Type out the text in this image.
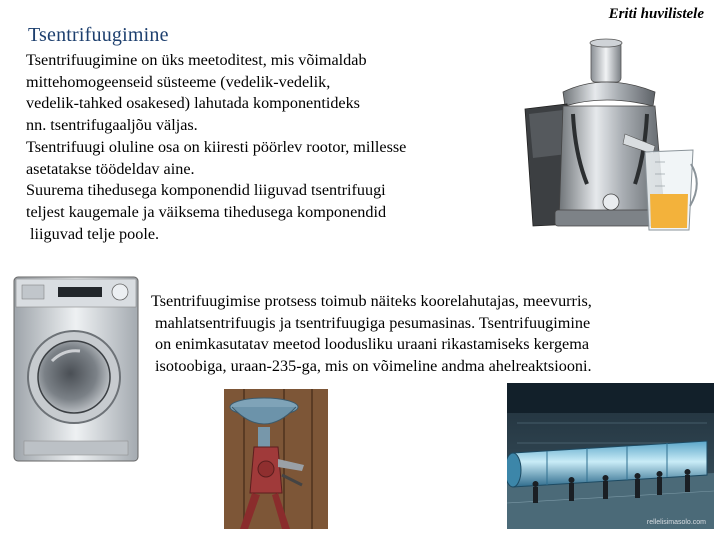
Tsentrifuugimine
Eriti huvilistele
Tsentrifuugimine on üks meetoditest, mis võimaldab
mittehomogeenseid süsteeme (vedelik-vedelik,
vedelik-tahked osakesed) lahutada komponentideks
nn. tsentrifugaaljõu väljas.
Tsentrifuugi oluline osa on kiiresti pöörlev rootor, millesse
asetatakse töödeldav aine.
Suurema tihedusega komponendid liiguvad tsentrifuugi
teljest kaugemale ja väiksema tihedusega komponendid
liiguvad telje poole.
Tsentrifuugimise protsess toimub näiteks koorelahutajas, meevurris,
mahlatsentrifuugis ja tsentrifuugiga pesumasinas. Tsentrifuugimine
on enimkasutatav meetod loodusliku uraani rikastamiseks kergema
isotoobiga, uraan-235-ga, mis on võimeline andma ahelreaktsiooni.
rellelisimasolo.com
